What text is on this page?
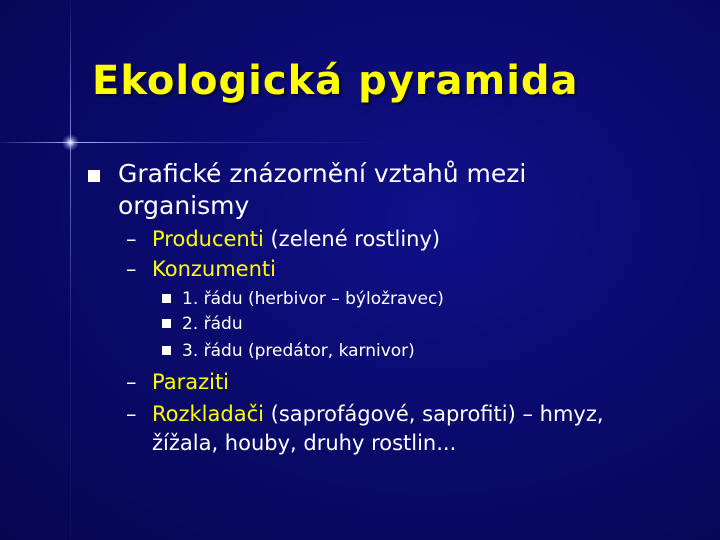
Ekologická pyramida
Grafické znázornění vztahů mezi organismy
– Producenti (zelené rostliny)
– Konzumenti
1. řádu (herbivor – býložravec)
2. řádu
3. řádu (predátor, karnivor)
– Paraziti
– Rozkladači (saprofágové, saprofiti) – hmyz,
žížala, houby, druhy rostlin...
